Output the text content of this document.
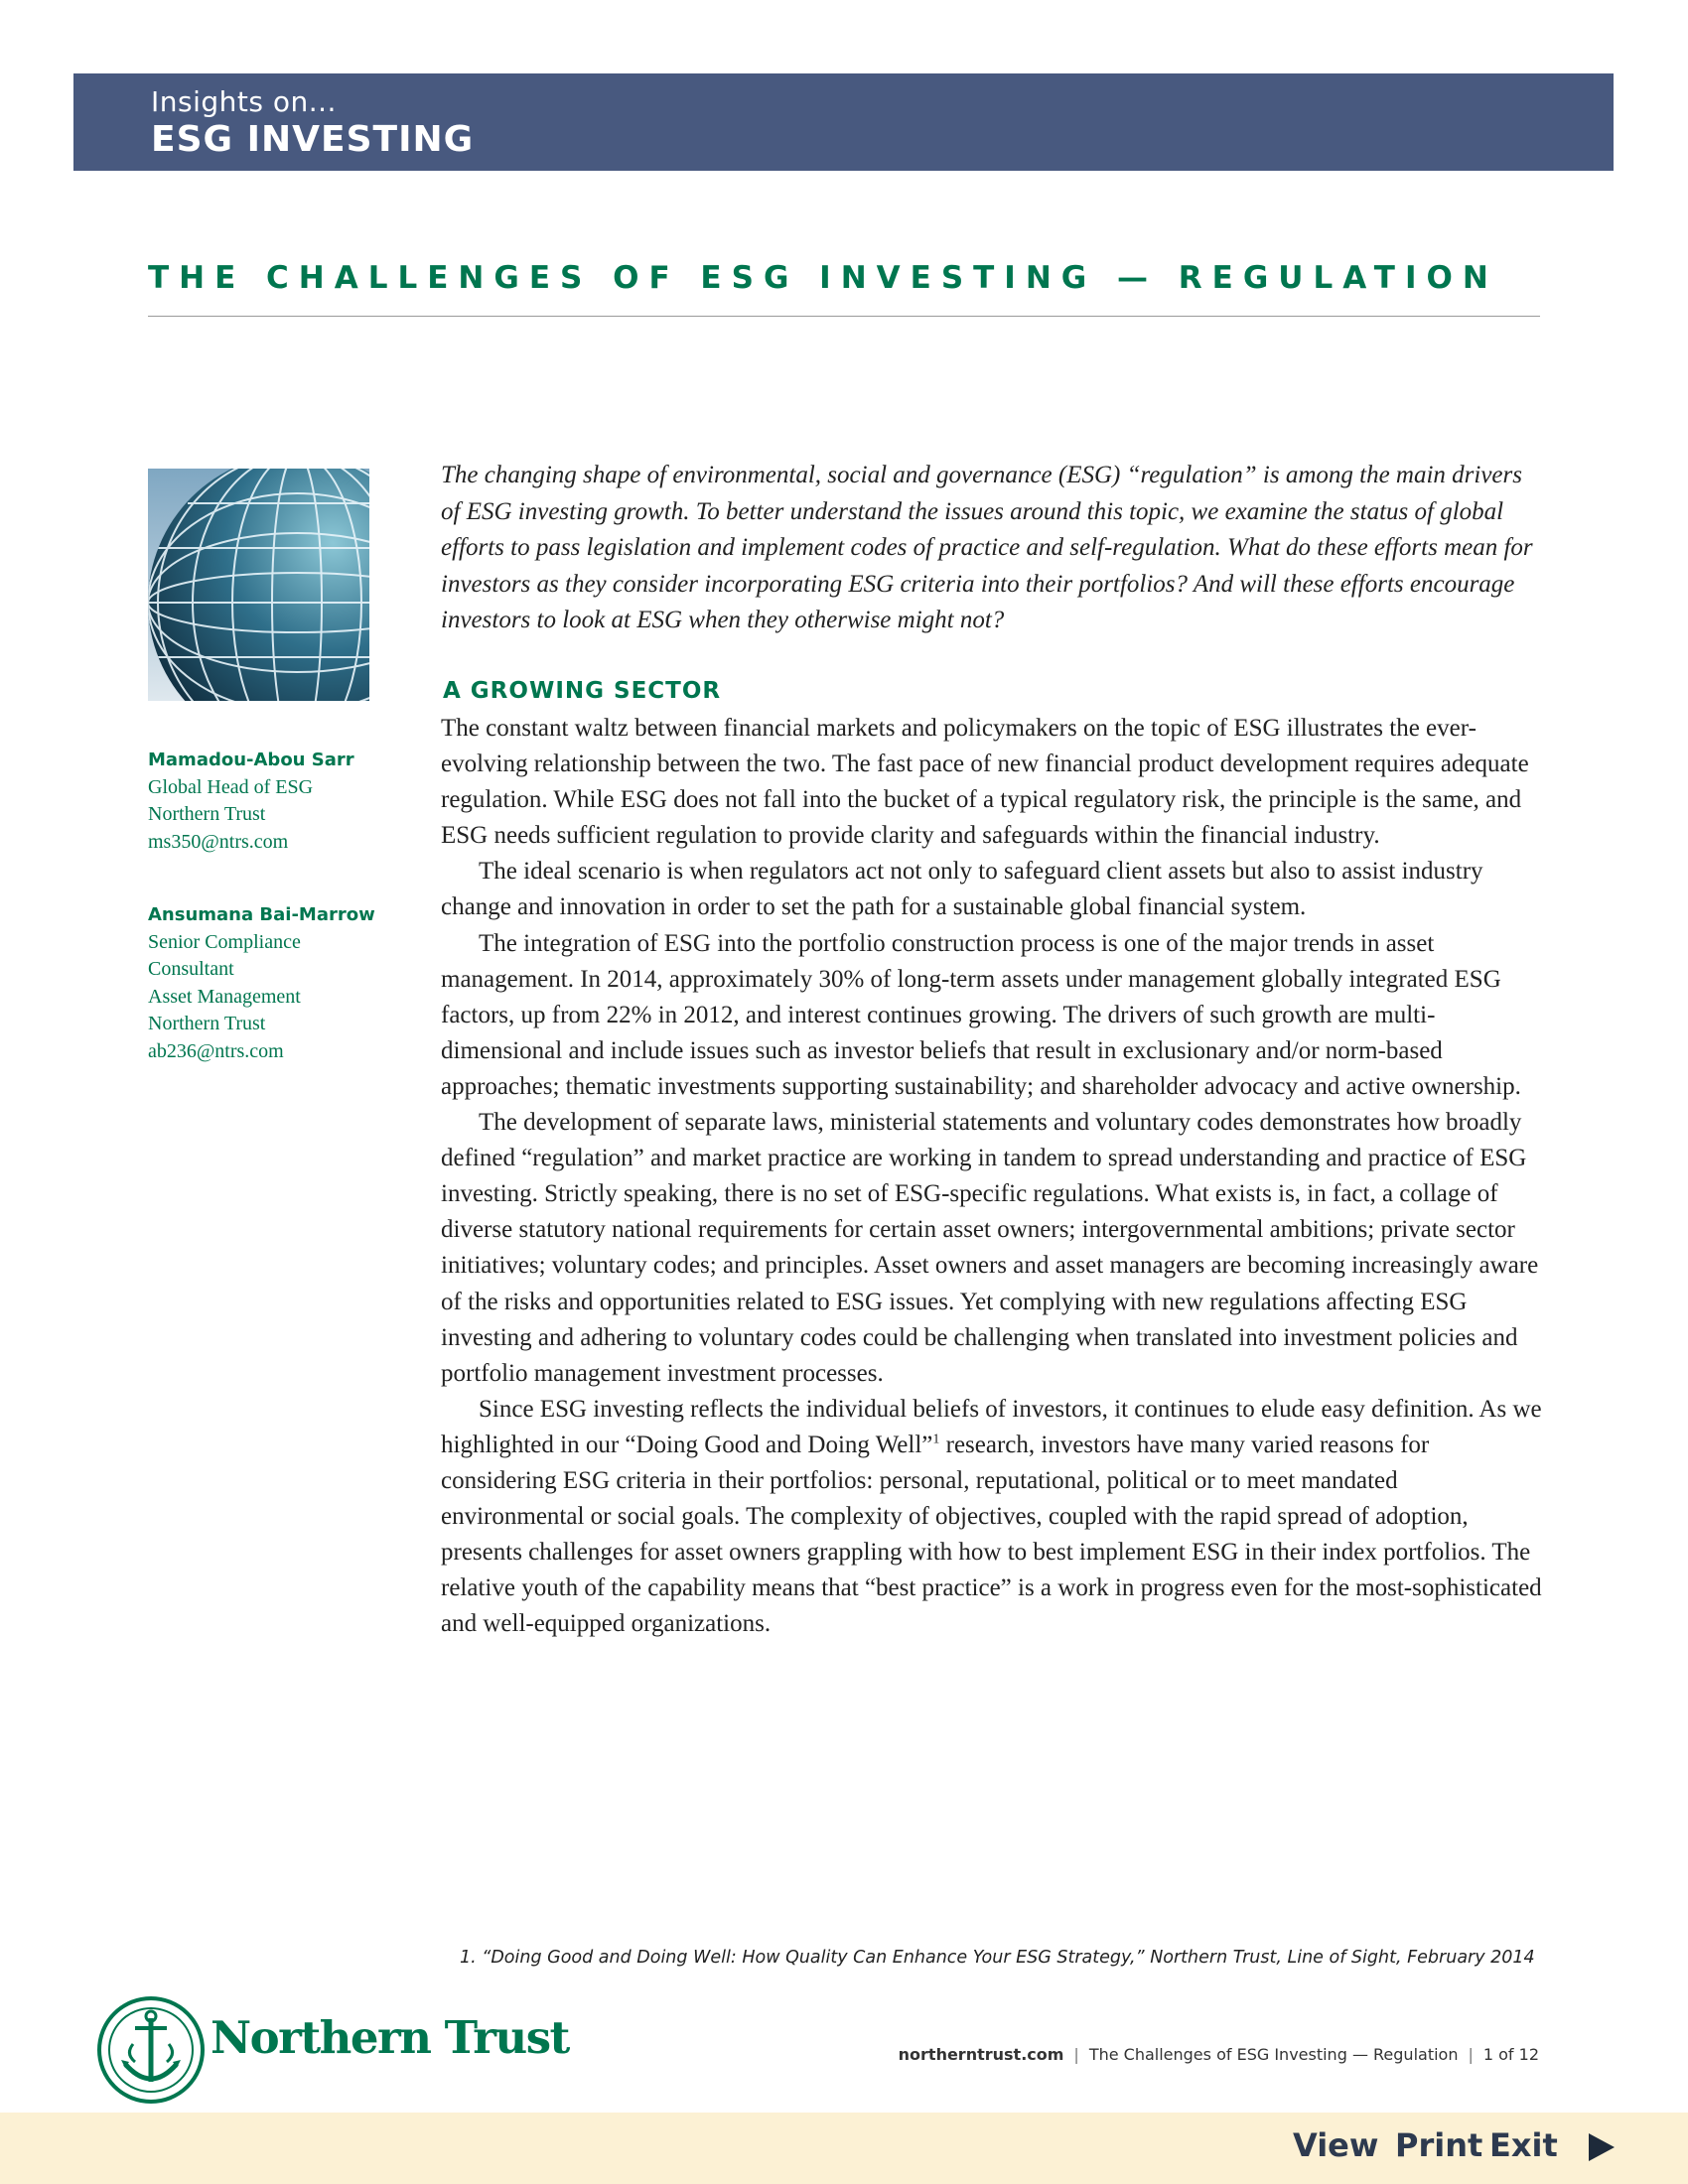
Insights on...
ESG INVESTING
THE CHALLENGES OF ESG INVESTING — REGULATION
Mamadou-Abou Sarr
Global Head of ESG
Northern Trust
ms350@ntrs.com
Ansumana Bai-Marrow
Senior Compliance
Consultant
Asset Management
Northern Trust
ab236@ntrs.com
The changing shape of environmental, social and governance (ESG) “regulation” is among the main drivers of ESG investing growth. To better understand the issues around this topic, we examine the status of global efforts to pass legislation and implement codes of practice and self-regulation. What do these efforts mean for investors as they consider incorporating ESG criteria into their portfolios? And will these efforts encourage investors to look at ESG when they otherwise might not?
A GROWING SECTOR

The constant waltz between financial markets and policymakers on the topic of ESG illustrates the ever-evolving relationship between the two. The fast pace of new financial product development requires adequate regulation. While ESG does not fall into the bucket of a typical regulatory risk, the principle is the same, and ESG needs sufficient regulation to provide clarity and safeguards within the financial industry.

The ideal scenario is when regulators act not only to safeguard client assets but also to assist industry change and innovation in order to set the path for a sustainable global financial system.

The integration of ESG into the portfolio construction process is one of the major trends in asset management. In 2014, approximately 30% of long-term assets under management globally integrated ESG factors, up from 22% in 2012, and interest continues growing. The drivers of such growth are multi-dimensional and include issues such as investor beliefs that result in exclusionary and/or norm-based approaches; thematic investments supporting sustainability; and shareholder advocacy and active ownership.

The development of separate laws, ministerial statements and voluntary codes demonstrates how broadly defined “regulation” and market practice are working in tandem to spread understanding and practice of ESG investing. Strictly speaking, there is no set of ESG-specific regulations. What exists is, in fact, a collage of diverse statutory national requirements for certain asset owners; intergovernmental ambitions; private sector initiatives; voluntary codes; and principles. Asset owners and asset managers are becoming increasingly aware of the risks and opportunities related to ESG issues. Yet complying with new regulations affecting ESG investing and adhering to voluntary codes could be challenging when translated into investment policies and portfolio management investment processes.

Since ESG investing reflects the individual beliefs of investors, it continues to elude easy definition. As we highlighted in our “Doing Good and Doing Well”$^1$ research, investors have many varied reasons for considering ESG criteria in their portfolios: personal, reputational, political or to meet mandated environmental or social goals. The complexity of objectives, coupled with the rapid spread of adoption, presents challenges for asset owners grappling with how to best implement ESG in their index portfolios. The relative youth of the capability means that “best practice” is a work in progress even for the most-sophisticated and well-equipped organizations.

1. “Doing Good and Doing Well: How Quality Can Enhance Your ESG Strategy,” Northern Trust, Line of Sight, February 2014
Northern Trust	northerntrust.com | The Challenges of ESG Investing — Regulation | 1 of 12
View Print Exit
